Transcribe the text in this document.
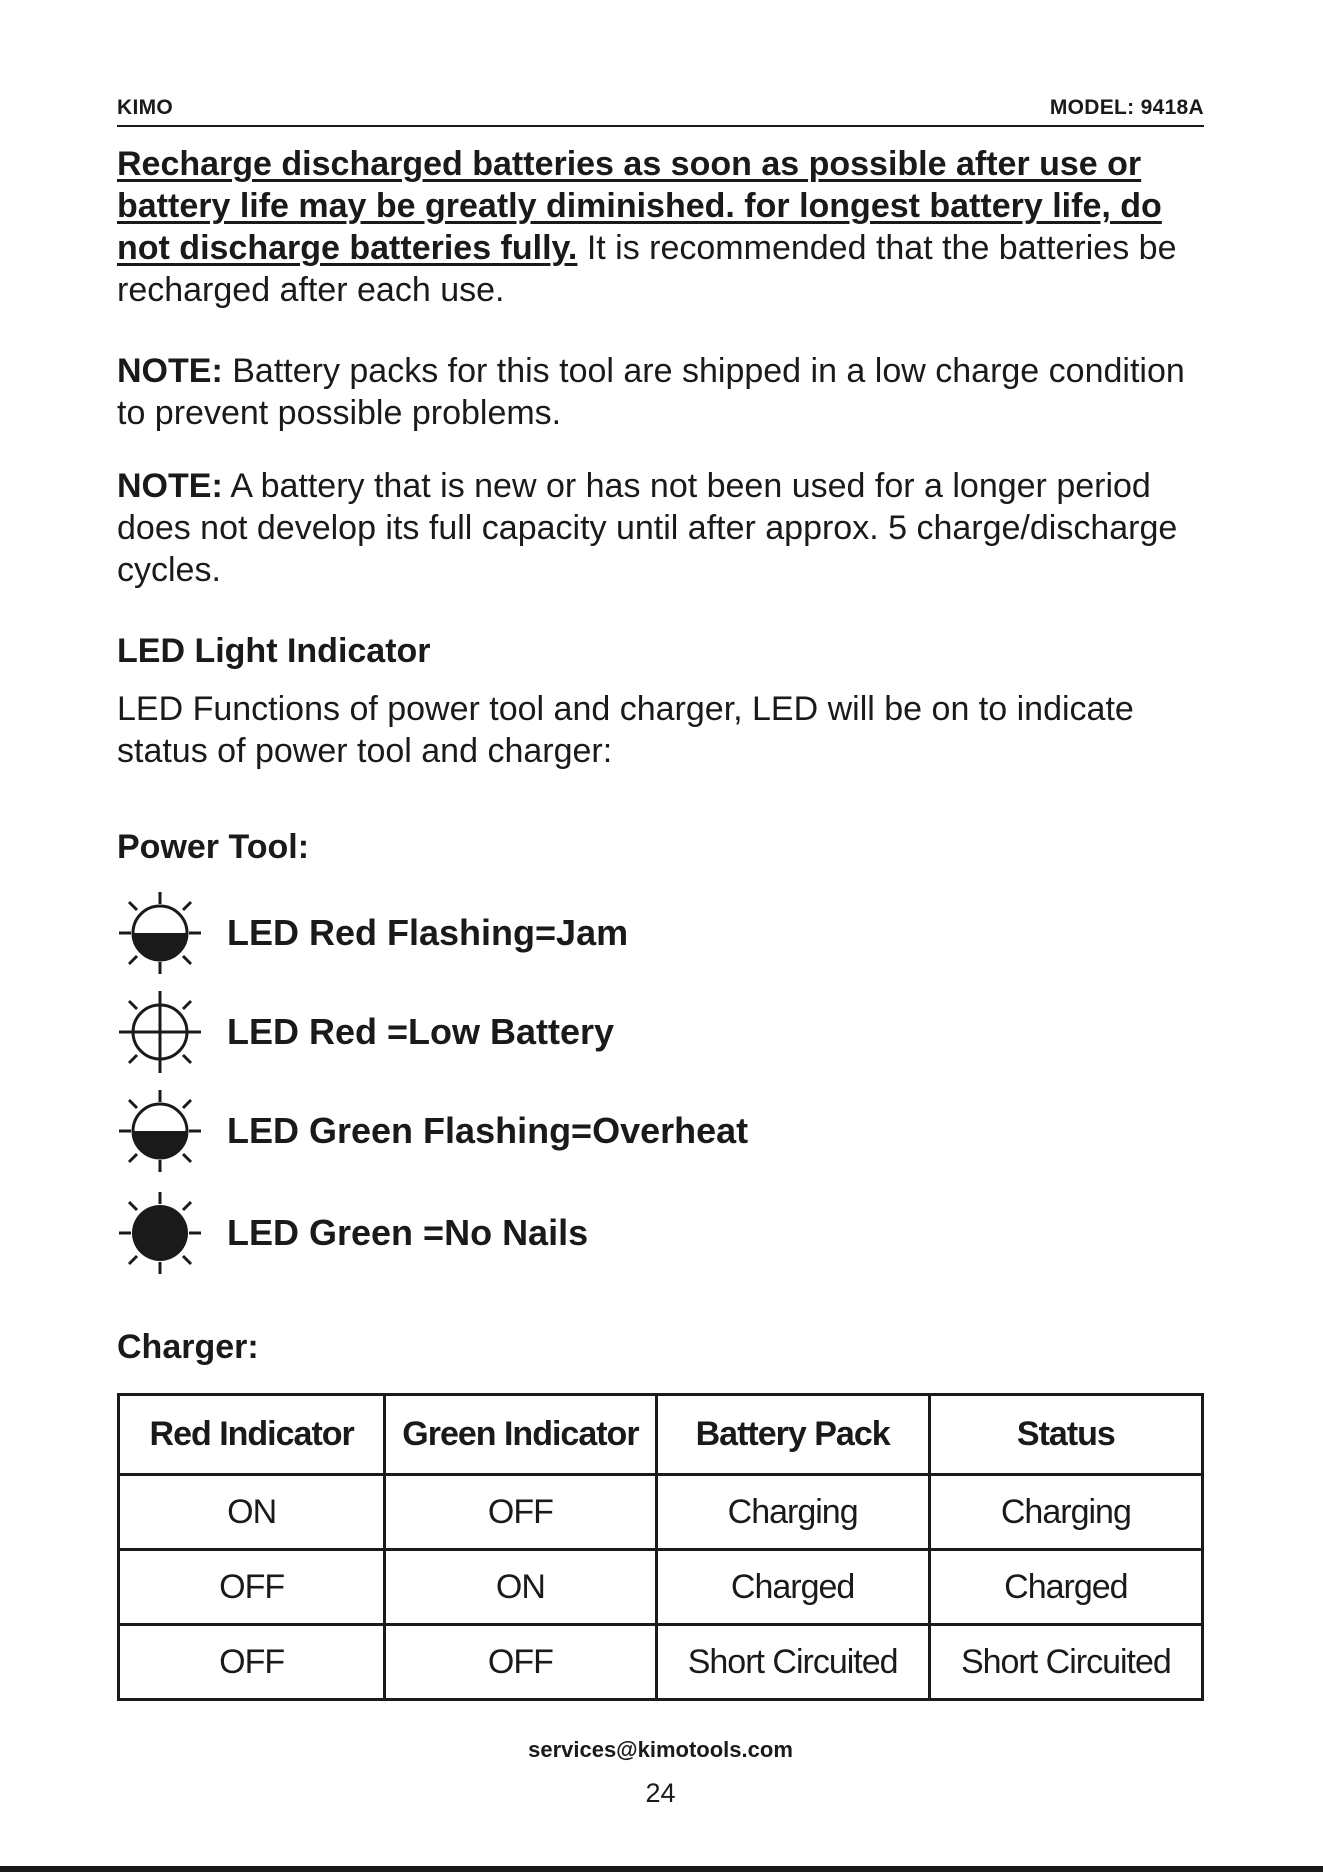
KIMO	MODEL: 9418A
Recharge discharged batteries as soon as possible after use or battery life may be greatly diminished. for longest battery life, do not discharge batteries fully. It is recommended that the batteries be recharged after each use.
NOTE: Battery packs for this tool are shipped in a low charge condition to prevent possible problems.
NOTE: A battery that is new or has not been used for a longer period does not develop its full capacity until after approx. 5 charge/discharge cycles.
LED Light Indicator
LED Functions of power tool and charger, LED will be on to indicate status of power tool and charger:
Power Tool:
LED Red Flashing=Jam
LED Red =Low Battery
LED Green Flashing=Overheat
LED Green =No Nails
Charger:
Red Indicator	Green Indicator	Battery Pack	Status
ON	OFF	Charging	Charging
OFF	ON	Charged	Charged
OFF	OFF	Short Circuited	Short Circuited
services@kimotools.com
24
